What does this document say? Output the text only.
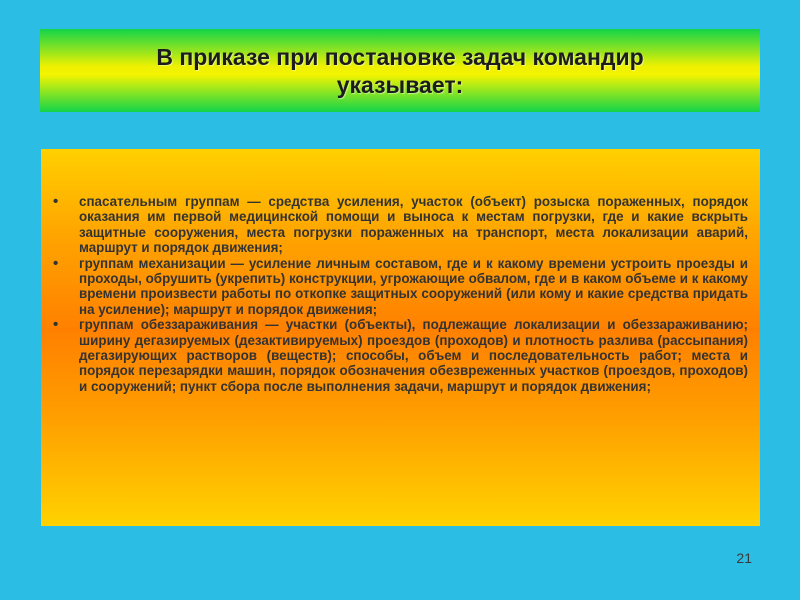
В приказе при постановке задач командир указывает:
• спасательным группам — средства усиления, участок (объект) розыска пораженных, порядок оказания им первой медицинской помощи и выноса к местам погрузки, где и какие вскрыть защитные сооружения, места погрузки пораженных на транспорт, места локализации аварий, маршрут и порядок движения;
• группам механизации — усиление личным составом, где и к какому времени устроить проезды и проходы, обрушить (укрепить) конструкции, угрожающие обвалом, где и в каком объеме и к какому времени произвести работы по откопке защитных сооружений (или кому и какие средства придать на усиление); маршрут и порядок движения;
• группам обеззараживания — участки (объекты), подлежащие локализации и обеззараживанию; ширину дегазируемых (дезактивируемых) проездов (проходов) и плотность разлива (рассыпания) дегазирующих растворов (веществ); способы, объем и последовательность работ; места и порядок перезарядки машин, порядок обозначения обезвреженных участков (проездов, проходов) и сооружений; пункт сбора после выполнения задачи, маршрут и порядок движения;
21
